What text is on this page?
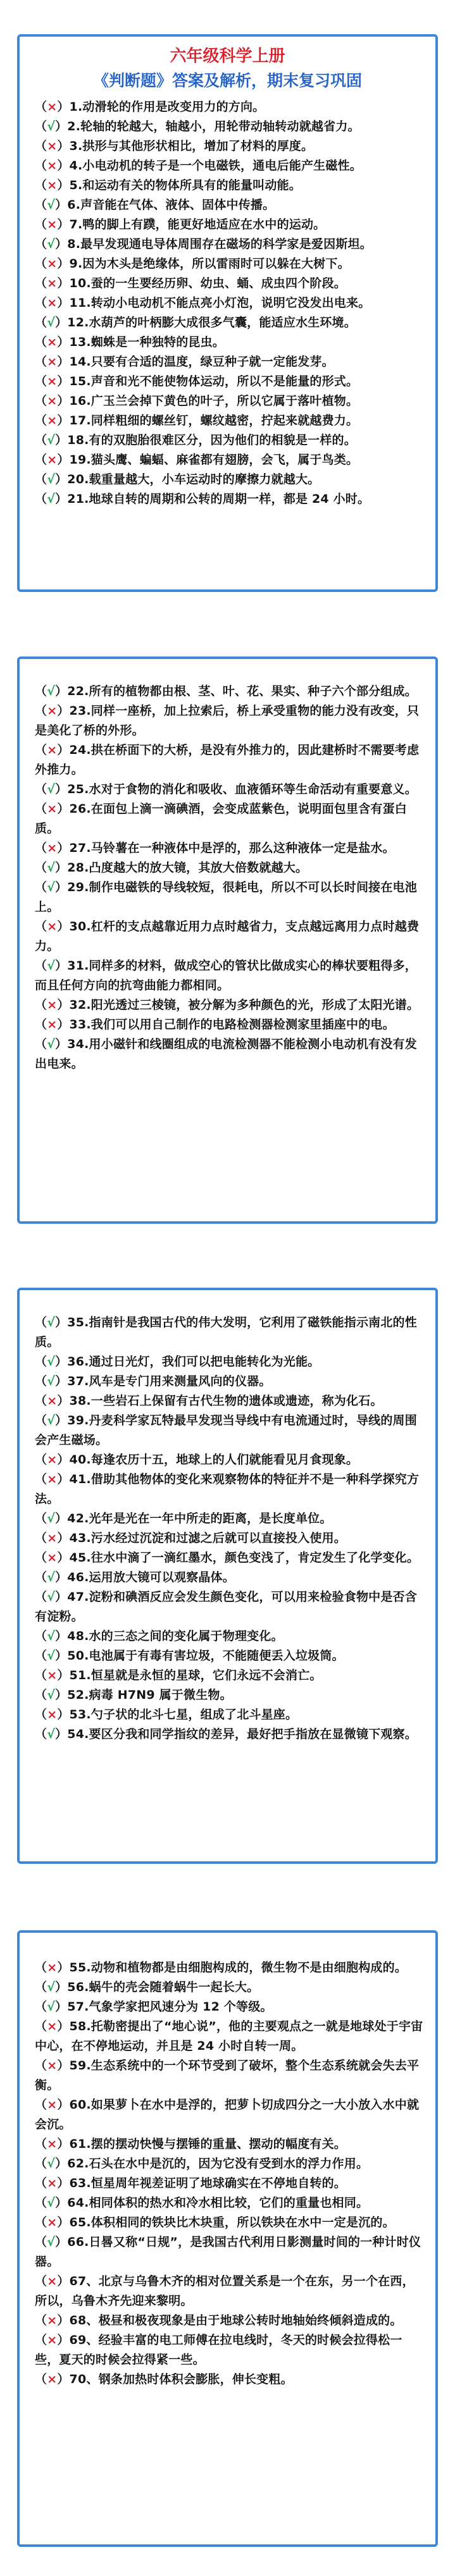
六年级科学上册
《判断题》答案及解析，期末复习巩固
（×）1.动滑轮的作用是改变用力的方向。
（√）2.轮轴的轮越大，轴越小，用轮带动轴转动就越省力。
（×）3.拱形与其他形状相比，增加了材料的厚度。
（×）4.小电动机的转子是一个电磁铁，通电后能产生磁性。
（×）5.和运动有关的物体所具有的能量叫动能。
（√）6.声音能在气体、液体、固体中传播。
（×）7.鸭的脚上有蹼，能更好地适应在水中的运动。
（√）8.最早发现通电导体周围存在磁场的科学家是爱因斯坦。
（×）9.因为木头是绝缘体，所以雷雨时可以躲在大树下。
（×）10.蚕的一生要经历卵、幼虫、蛹、成虫四个阶段。
（×）11.转动小电动机不能点亮小灯泡，说明它没发出电来。
（√）12.水葫芦的叶柄膨大成很多气囊，能适应水生环境。
（×）13.蜘蛛是一种独特的昆虫。
（×）14.只要有合适的温度，绿豆种子就一定能发芽。
（×）15.声音和光不能使物体运动，所以不是能量的形式。
（×）16.广玉兰会掉下黄色的叶子，所以它属于落叶植物。
（×）17.同样粗细的螺丝钉，螺纹越密，拧起来就越费力。
（√）18.有的双胞胎很难区分，因为他们的相貌是一样的。
（×）19.猫头鹰、蝙蝠、麻雀都有翅膀，会飞，属于鸟类。
（√）20.载重量越大，小车运动时的摩擦力就越大。
（√）21.地球自转的周期和公转的周期一样，都是 24 小时。
（√）22.所有的植物都由根、茎、叶、花、果实、种子六个部分组成。
（×）23.同样一座桥，加上拉索后，桥上承受重物的能力没有改变，只是美化了桥的外形。
（×）24.拱在桥面下的大桥，是没有外推力的，因此建桥时不需要考虑外推力。
（√）25.水对于食物的消化和吸收、血液循环等生命活动有重要意义。
（×）26.在面包上滴一滴碘酒，会变成蓝紫色，说明面包里含有蛋白质。
（×）27.马铃薯在一种液体中是浮的，那么这种液体一定是盐水。
（√）28.凸度越大的放大镜，其放大倍数就越大。
（√）29.制作电磁铁的导线较短，很耗电，所以不可以长时间接在电池上。
（×）30.杠杆的支点越靠近用力点时越省力，支点越远离用力点时越费力。
（√）31.同样多的材料，做成空心的管状比做成实心的棒状要粗得多，而且任何方向的抗弯曲能力都相同。
（×）32.阳光透过三棱镜，被分解为多种颜色的光，形成了太阳光谱。
（×）33.我们可以用自己制作的电路检测器检测家里插座中的电。
（√）34.用小磁针和线圈组成的电流检测器不能检测小电动机有没有发出电来。
（√）35.指南针是我国古代的伟大发明，它利用了磁铁能指示南北的性质。
（√）36.通过日光灯，我们可以把电能转化为光能。
（√）37.风车是专门用来测量风向的仪器。
（×）38.一些岩石上保留有古代生物的遗体或遗迹，称为化石。
（√）39.丹麦科学家瓦特最早发现当导线中有电流通过时，导线的周围会产生磁场。
（×）40.每逢农历十五，地球上的人们就能看见月食现象。
（×）41.借助其他物体的变化来观察物体的特征并不是一种科学探究方法。
（√）42.光年是光在一年中所走的距离，是长度单位。
（×）43.污水经过沉淀和过滤之后就可以直接投入使用。
（×）45.往水中滴了一滴红墨水，颜色变浅了，肯定发生了化学变化。
（√）46.运用放大镜可以观察晶体。
（√）47.淀粉和碘酒反应会发生颜色变化，可以用来检验食物中是否含有淀粉。
（√）48.水的三态之间的变化属于物理变化。
（√）50.电池属于有毒有害垃圾，不能随便丢入垃圾筒。
（×）51.恒星就是永恒的星球，它们永远不会消亡。
（√）52.病毒 H7N9 属于微生物。
（×）53.勺子状的北斗七星，组成了北斗星座。
（√）54.要区分我和同学指纹的差异，最好把手指放在显微镜下观察。
（×）55.动物和植物都是由细胞构成的，微生物不是由细胞构成的。
（√）56.蜗牛的壳会随着蜗牛一起长大。
（√）57.气象学家把风速分为 12 个等级。
（×）58.托勒密提出了“地心说”，他的主要观点之一就是地球处于宇宙中心，在不停地运动，并且是 24 小时自转一周。
（×）59.生态系统中的一个环节受到了破坏，整个生态系统就会失去平衡。
（×）60.如果萝卜在水中是浮的，把萝卜切成四分之一大小放入水中就会沉。
（×）61.摆的摆动快慢与摆锤的重量、摆动的幅度有关。
（√）62.石头在水中是沉的，因为它没有受到水的浮力作用。
（×）63.恒星周年视差证明了地球确实在不停地自转的。
（√）64.相同体积的热水和冷水相比较，它们的重量也相同。
（×）65.体积相同的铁块比木块重，所以铁块在水中一定是沉的。
（√）66.日晷又称“日规”，是我国古代利用日影测量时间的一种计时仪器。
（×）67、北京与乌鲁木齐的相对位置关系是一个在东，另一个在西，所以，乌鲁木齐先迎来黎明。
（×）68、极昼和极夜现象是由于地球公转时地轴始终倾斜造成的。
（×）69、经验丰富的电工师傅在拉电线时，冬天的时候会拉得松一些，夏天的时候会拉得紧一些。
（×）70、钢条加热时体积会膨胀，伸长变粗。
